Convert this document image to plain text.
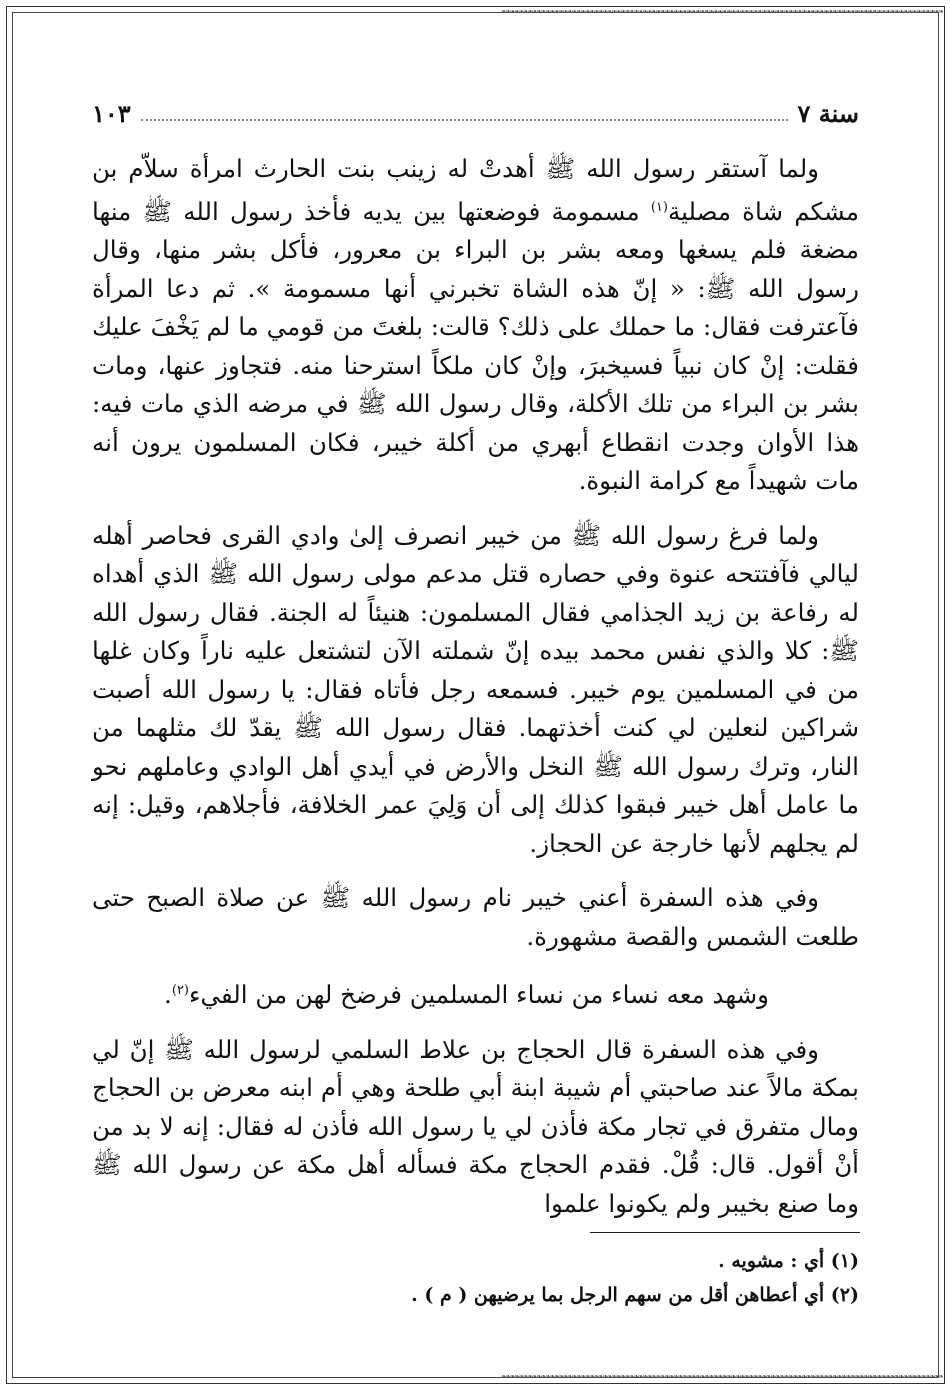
❧❧❧❧❧❧❧❧❧❧❧❧❧❧❧❧❧❧❧❧❧❧❧❧❧❧❧❧❧❧❧❧❧❧❧❧❧❧❧❧❧❧❧❧❧❧❧❧❧❧❧❧❧❧❧❧❧❧❧❧❧❧❧❧❧❧❧❧❧❧❧❧❧❧❧❧❧❧❧❧❧❧❧❧❧❧❧❧❧❧❧❧❧❧❧❧❧❧❧❧
❧❧❧❧❧❧❧❧❧❧❧❧❧❧❧❧❧❧❧❧❧❧❧❧❧❧❧❧❧❧❧❧❧❧❧❧❧❧❧❧❧❧❧❧❧❧❧❧❧❧❧❧❧❧❧❧❧❧❧❧❧❧❧❧❧❧❧❧❧❧❧❧❧❧❧❧❧❧❧❧❧❧❧❧❧❧❧❧❧❧❧❧❧❧❧❧❧❧❧❧
سنة ٧
١٠٣

ولما آستقر رسول الله ﷺ أهدتْ له زينب بنت الحارث امرأة سلاّم بن مشكم شاة مصلية$^{(١)}$ مسمومة فوضعتها بين يديه فأخذ رسول الله ﷺ منها مضغة فلم يسغها ومعه بشر بن البراء بن معرور، فأكل بشر منها، وقال رسول الله ﷺ: « إنّ هذه الشاة تخبرني أنها مسمومة ». ثم دعا المرأة فآعترفت فقال: ما حملك على ذلك؟ قالت: بلغتَ من قومي ما لم يَخْفَ عليك فقلت: إنْ كان نبياً فسيخبرَ، وإنْ كان ملكاً استرحنا منه. فتجاوز عنها، ومات بشر بن البراء من تلك الأكلة، وقال رسول الله ﷺ في مرضه الذي مات فيه: هذا الأوان وجدت انقطاع أبهري من أكلة خيبر، فكان المسلمون يرون أنه مات شهيداً مع كرامة النبوة.

ولما فرغ رسول الله ﷺ من خيبر انصرف إلىٰ وادي القرى فحاصر أهله ليالي فآفتتحه عنوة وفي حصاره قتل مدعم مولى رسول الله ﷺ الذي أهداه له رفاعة بن زيد الجذامي فقال المسلمون: هنيئاً له الجنة. فقال رسول الله ﷺ: كلا والذي نفس محمد بيده إنّ شملته الآن لتشتعل عليه ناراً وكان غلها من في المسلمين يوم خيبر. فسمعه رجل فأتاه فقال: يا رسول الله أصبت شراكين لنعلين لي كنت أخذتهما. فقال رسول الله ﷺ يقدّ لك مثلهما من النار، وترك رسول الله ﷺ النخل والأرض في أيدي أهل الوادي وعاملهم نحو ما عامل أهل خيبر فبقوا كذلك إلى أن وَلِيَ عمر الخلافة، فأجلاهم، وقيل: إنه لم يجلهم لأنها خارجة عن الحجاز.

وفي هذه السفرة أعني خيبر نام رسول الله ﷺ عن صلاة الصبح حتى طلعت الشمس والقصة مشهورة.

وشهد معه نساء من نساء المسلمين فرضخ لهن من الفيء$^{(٢)}$.

وفي هذه السفرة قال الحجاج بن علاط السلمي لرسول الله ﷺ إنّ لي بمكة مالاً عند صاحبتي أم شيبة ابنة أبي طلحة وهي أم ابنه معرض بن الحجاج ومال متفرق في تجار مكة فأذن لي يا رسول الله فأذن له فقال: إنه لا بد من أنْ أقول. قال: قُلْ. فقدم الحجاج مكة فسأله أهل مكة عن رسول الله ﷺ وما صنع بخيبر ولم يكونوا علموا

(١) أي : مشويه .
(٢) أي أعطاهن أقل من سهم الرجل بما يرضيهن ( م ) .
